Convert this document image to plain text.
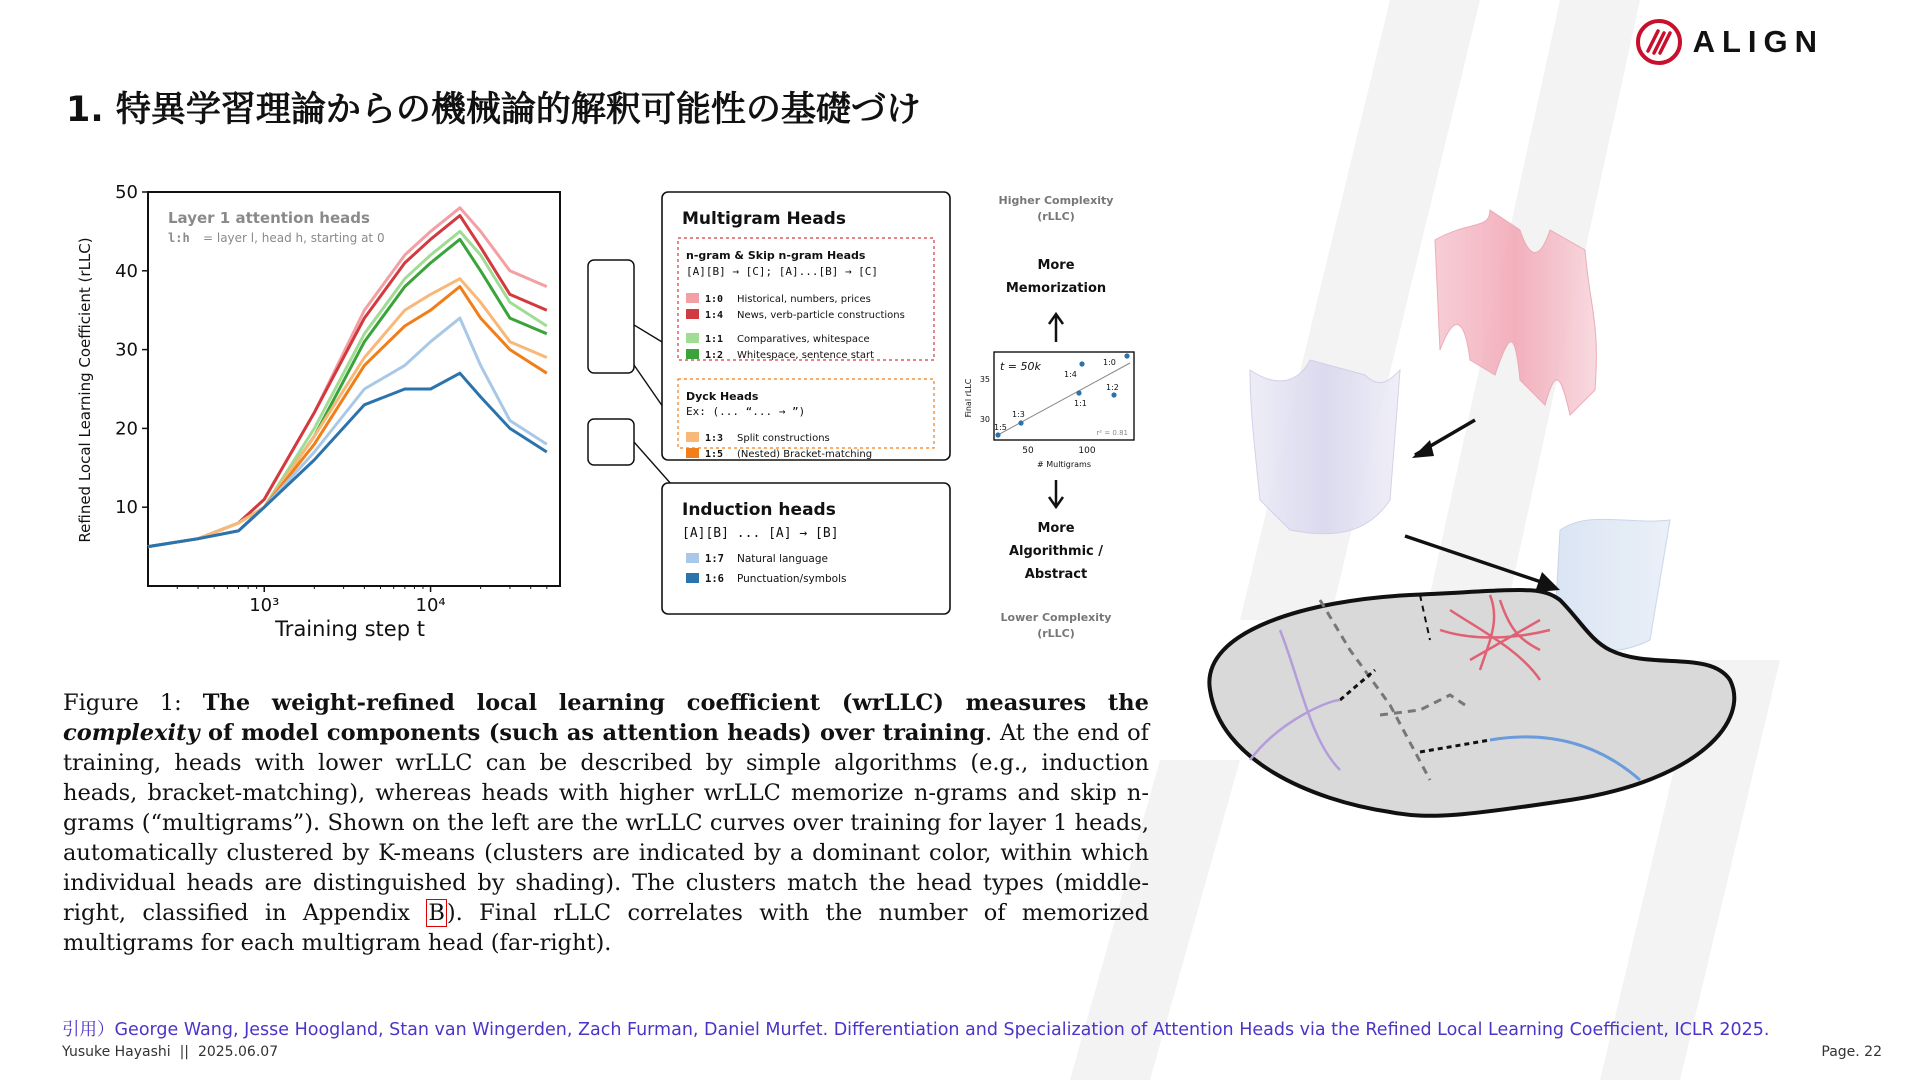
ALIGN
1. 特異学習理論からの機械論的解釈可能性の基礎づけ
Layer 1 attention heads
l:h = layer l, head h, starting at 0
10
20
30
40
50
10³	10⁴
Refined Local Learning Coefficient (rLLC)
Training step t
Multigram Heads
n-gram & Skip n-gram Heads
[A][B] → [C]; [A]...[B] → [C]
1:0 Historical, numbers, prices
1:4 News, verb-particle constructions
Dyck Heads
Ex: (... “... → ”)
1:3 Split constructions
1:5 (Nested) Bracket-matching
1:1 Comparatives, whitespace
1:2 Whitespace, sentence start
Induction heads
[A][B] ... [A] → [B]
1:7 Natural language
1:6 Punctuation/symbols
Higher Complexity
(rLLC)
More
Memorization
More
Algorithmic /
Abstract
Lower Complexity
(rLLC)
t = 50k
Final rLLC
# Multigrams
30
35
50	100
r² = 0.81
1:0
1:4
1:2
1:1
1:3
1:5
Figure 1: The weight-refined local learning coefficient (wrLLC) measures the complexity of model components (such as attention heads) over training. At the end of training, heads with lower wrLLC can be described by simple algorithms (e.g., induction heads, bracket-matching), whereas heads with higher wrLLC memorize n-grams and skip n-grams (“multigrams”). Shown on the left are the wrLLC curves over training for layer 1 heads, automatically clustered by K-means (clusters are indicated by a dominant color, within which individual heads are distinguished by shading). The clusters match the head types (middle-right, classified in Appendix B). Final rLLC correlates with the number of memorized multigrams for each multigram head (far-right).
引用）George Wang, Jesse Hoogland, Stan van Wingerden, Zach Furman, Daniel Murfet. Differentiation and Specialization of Attention Heads via the Refined Local Learning Coefficient, ICLR 2025.
Yusuke Hayashi || 2025.06.07	Page. 22
